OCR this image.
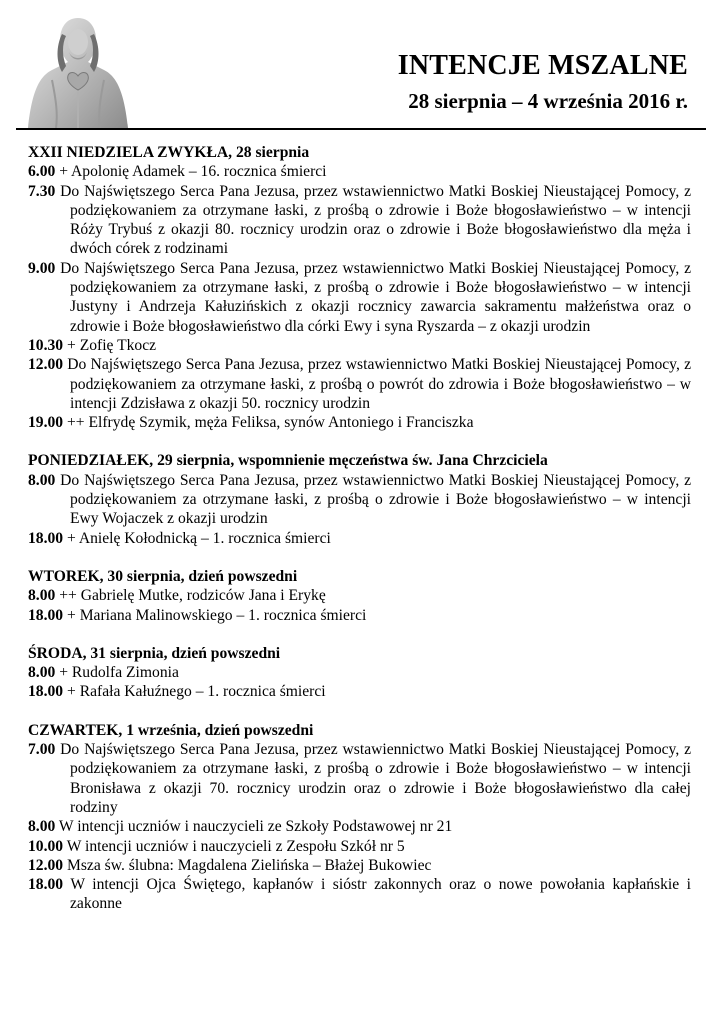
INTENCJE MSZALNE
28 sierpnia – 4 września 2016 r.
XXII NIEDZIELA ZWYKŁA, 28 sierpnia
6.00 + Apolonię Adamek – 16. rocznica śmierci
7.30 Do Najświętszego Serca Pana Jezusa, przez wstawiennictwo Matki Boskiej Nieustającej Pomocy, z podziękowaniem za otrzymane łaski, z prośbą o zdrowie i Boże błogosławieństwo – w intencji Róży Trybuś z okazji 80. rocznicy urodzin oraz o zdrowie i Boże błogosławieństwo dla męża i dwóch córek z rodzinami
9.00 Do Najświętszego Serca Pana Jezusa, przez wstawiennictwo Matki Boskiej Nieustającej Pomocy, z podziękowaniem za otrzymane łaski, z prośbą o zdrowie i Boże błogosławieństwo – w intencji Justyny i Andrzeja Kałuzińskich z okazji rocznicy zawarcia sakramentu małżeństwa oraz o zdrowie i Boże błogosławieństwo dla córki Ewy i syna Ryszarda – z okazji urodzin
10.30 + Zofię Tkocz
12.00 Do Najświętszego Serca Pana Jezusa, przez wstawiennictwo Matki Boskiej Nieustającej Pomocy, z podziękowaniem za otrzymane łaski, z prośbą o powrót do zdrowia i Boże błogosławieństwo – w intencji Zdzisława z okazji 50. rocznicy urodzin
19.00 ++ Elfrydę Szymik, męża Feliksa, synów Antoniego i Franciszka
PONIEDZIAŁEK, 29 sierpnia, wspomnienie męczeństwa św. Jana Chrzciciela
8.00 Do Najświętszego Serca Pana Jezusa, przez wstawiennictwo Matki Boskiej Nieustającej Pomocy, z podziękowaniem za otrzymane łaski, z prośbą o zdrowie i Boże błogosławieństwo – w intencji Ewy Wojaczek z okazji urodzin
18.00 + Anielę Kołodnicką – 1. rocznica śmierci
WTOREK, 30 sierpnia, dzień powszedni
8.00 ++ Gabrielę Mutke, rodziców Jana i Erykę
18.00 + Mariana Malinowskiego – 1. rocznica śmierci
ŚRODA, 31 sierpnia, dzień powszedni
8.00 + Rudolfa Zimonia
18.00 + Rafała Kałuźnego – 1. rocznica śmierci
CZWARTEK, 1 września, dzień powszedni
7.00 Do Najświętszego Serca Pana Jezusa, przez wstawiennictwo Matki Boskiej Nieustającej Pomocy, z podziękowaniem za otrzymane łaski, z prośbą o zdrowie i Boże błogosławieństwo – w intencji Bronisława z okazji 70. rocznicy urodzin oraz o zdrowie i Boże błogosławieństwo dla całej rodziny
8.00 W intencji uczniów i nauczycieli ze Szkoły Podstawowej nr 21
10.00 W intencji uczniów i nauczycieli z Zespołu Szkół nr 5
12.00 Msza św. ślubna: Magdalena Zielińska – Błażej Bukowiec
18.00 W intencji Ojca Świętego, kapłanów i sióstr zakonnych oraz o nowe powołania kapłańskie i zakonne
